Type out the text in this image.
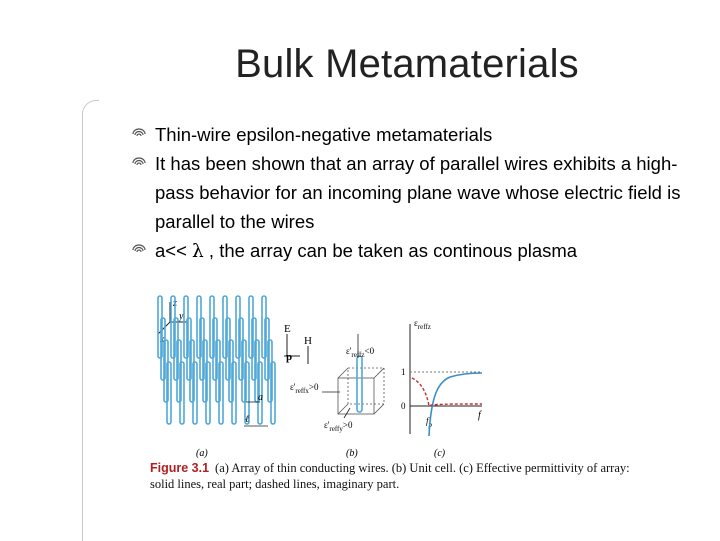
Bulk Metamaterials
Thin-wire epsilon-negative metamaterials
It has been shown that an array of parallel wires exhibits a high-pass behavior for an incoming plane wave whose electric field is parallel to the wires
a<< λ , the array can be taken as continous plasma
z
y
x
E
H
p
a
ℓ
$\varepsilon'_{reffz}<0$
$\varepsilon'_{reffx}>0$
$\varepsilon'_{reffy}>0$
$\varepsilon_{reffz}$
f
1
0
$f_p$
(a)	(b)	(c)
Figure 3.1 (a) Array of thin conducting wires. (b) Unit cell. (c) Effective permittivity of array: solid lines, real part; dashed lines, imaginary part.
